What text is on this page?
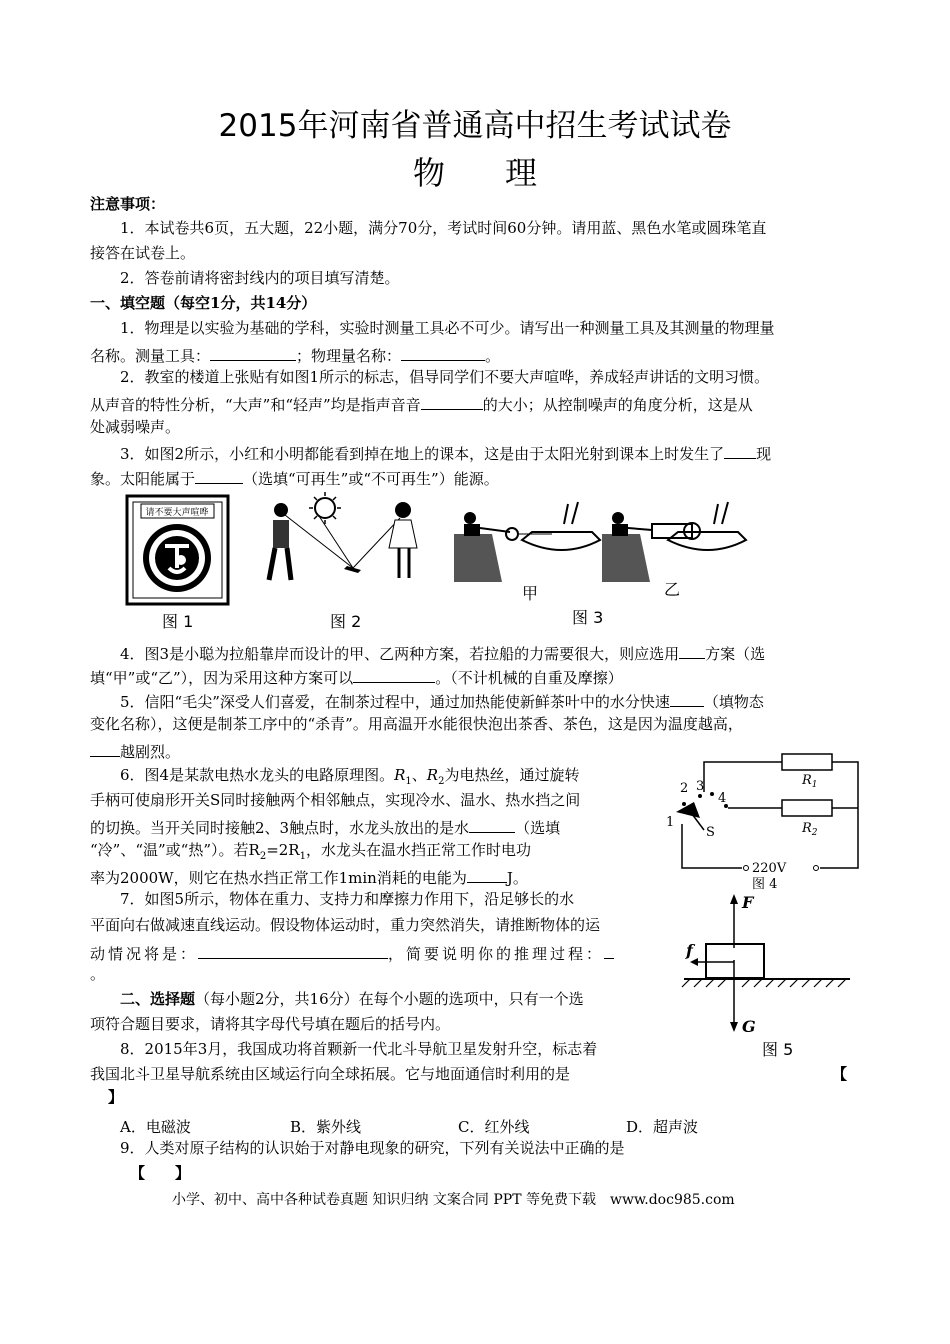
2015年河南省普通高中招生考试试卷
物理
注意事项：
1．本试卷共6页，五大题，22小题，满分70分，考试时间60分钟。请用蓝、黑色水笔或圆珠笔直
接答在试卷上。
2．答卷前请将密封线内的项目填写清楚。
一、填空题（每空1分，共14分）
1．物理是以实验为基础的学科，实验时测量工具必不可少。请写出一种测量工具及其测量的物理量
名称。测量工具：	；物理量名称：	。
2．教室的楼道上张贴有如图1所示的标志，倡导同学们不要大声喧哗，养成轻声讲话的文明习惯。
从声音的特性分析，“大声”和“轻声”均是指声音音	的大小；从控制噪声的角度分析，这是从
处减弱噪声。
3．如图2所示，小红和小明都能看到掉在地上的课本，这是由于太阳光射到课本上时发生了 现
象。太阳能属于	（选填“可再生”或“不可再生”）能源。
请不要大声喧哗
图 1	图 2
甲	乙
图 3
4．图3是小聪为拉船靠岸而设计的甲、乙两种方案，若拉船的力需要很大，则应选用 方案（选
填“甲”或“乙”），因为采用这种方案可以	。（不计机械的自重及摩擦）
5．信阳“毛尖”深受人们喜爱，在制茶过程中，通过加热能使新鲜茶叶中的水分快速 （填物态
变化名称），这便是制茶工序中的“杀青”。用高温开水能很快泡出茶香、茶色，这是因为温度越高，
越剧烈。
6．图4是某款电热水龙头的电路原理图。$R_1$、$R_2$为电热丝，通过旋转
手柄可使扇形开关S同时接触两个相邻触点，实现冷水、温水、热水挡之间
的切换。当开关同时接触2、3触点时，水龙头放出的是水	（选填
“冷”、“温”或“热”）。若$R_2=2R_1$，水龙头在温水挡正常工作时电功
率为2000W，则它在热水挡正常工作1min消耗的电能为	J。
$R_1$
$R_2$
2 3
4
1
S
220V
图 4
7．如图5所示，物体在重力、支持力和摩擦力作用下，沿足够长的水
平面向右做减速直线运动。假设物体运动时，重力突然消失，请推断物体的运
动情况将是：	，简要说明你的推理过程：
。
F
G
f
图 5
二、选择题（每小题2分，共16分）在每个小题的选项中，只有一个选
项符合题目要求，请将其字母代号填在题后的括号内。
8．2015年3月，我国成功将首颗新一代北斗导航卫星发射升空，标志着
我国北斗卫星导航系统由区域运行向全球拓展。它与地面通信时利用的是	【
】
A．电磁波	B．紫外线	C．红外线	D．超声波
9．人类对原子结构的认识始于对静电现象的研究，下列有关说法中正确的是
【　　】
小学、初中、高中各种试卷真题 知识归纳 文案合同 PPT 等免费下载　www.doc985.com
